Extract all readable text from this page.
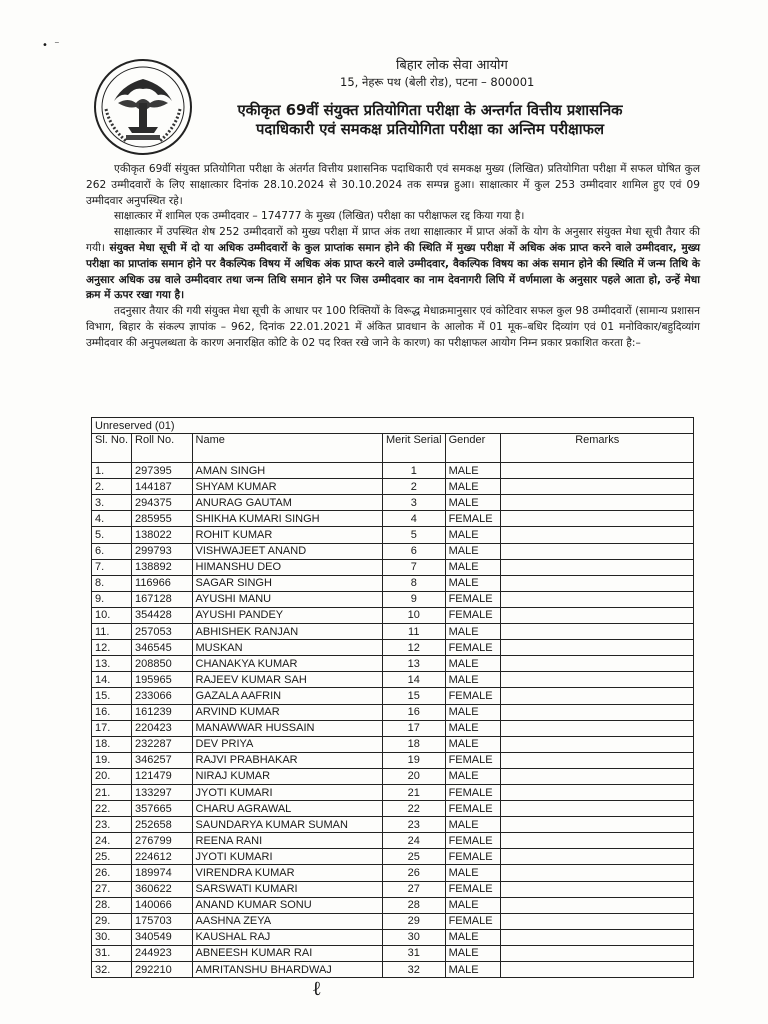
•  ⁻
बिहार लोक सेवा आयोग
15, नेहरू पथ (बेली रोड), पटना – 800001
एकीकृत 69वीं संयुक्त प्रतियोगिता परीक्षा के अन्तर्गत वित्तीय प्रशासनिक
पदाधिकारी एवं समकक्ष प्रतियोगिता परीक्षा का अन्तिम परीक्षाफल

एकीकृत 69वीं संयुक्त प्रतियोगिता परीक्षा के अंतर्गत वित्तीय प्रशासनिक पदाधिकारी एवं समकक्ष मुख्य (लिखित) प्रतियोगिता परीक्षा में सफल घोषित कुल 262 उम्मीदवारों के लिए साक्षात्कार दिनांक 28.10.2024 से 30.10.2024 तक सम्पन्न हुआ। साक्षात्कार में कुल 253 उम्मीदवार शामिल हुए एवं 09 उम्मीदवार अनुपस्थित रहे।

साक्षात्कार में शामिल एक उम्मीदवार – 174777 के मुख्य (लिखित) परीक्षा का परीक्षाफल रद्द किया गया है।

साक्षात्कार में उपस्थित शेष 252 उम्मीदवारों को मुख्य परीक्षा में प्राप्त अंक तथा साक्षात्कार में प्राप्त अंकों के योग के अनुसार संयुक्त मेधा सूची तैयार की गयी। संयुक्त मेधा सूची में दो या अधिक उम्मीदवारों के कुल प्राप्तांक समान होने की स्थिति में मुख्य परीक्षा में अधिक अंक प्राप्त करने वाले उम्मीदवार, मुख्य परीक्षा का प्राप्तांक समान होने पर वैकल्पिक विषय में अधिक अंक प्राप्त करने वाले उम्मीदवार, वैकल्पिक विषय का अंक समान होने की स्थिति में जन्म तिथि के अनुसार अधिक उम्र वाले उम्मीदवार तथा जन्म तिथि समान होने पर जिस उम्मीदवार का नाम देवनागरी लिपि में वर्णमाला के अनुसार पहले आता हो, उन्हें मेधा क्रम में ऊपर रखा गया है।

तदनुसार तैयार की गयी संयुक्त मेधा सूची के आधार पर 100 रिक्तियों के विरूद्ध मेधाक्रमानुसार एवं कोटिवार सफल कुल 98 उम्मीदवारों (सामान्य प्रशासन विभाग, बिहार के संकल्प ज्ञापांक – 962, दिनांक 22.01.2021 में अंकित प्रावधान के आलोक में 01 मूक–बधिर दिव्यांग एवं 01 मनोविकार/बहुदिव्यांग उम्मीदवार की अनुपलब्धता के कारण अनारक्षित कोटि के 02 पद रिक्त रखे जाने के कारण) का परीक्षाफल आयोग निम्न प्रकार प्रकाशित करता है:–

Unreserved (01)					
Sl. No.	Roll No.	Name	Merit Serial	Gender	Remarks
1.	297395	AMAN SINGH	1	MALE	
2.	144187	SHYAM KUMAR	2	MALE	
3.	294375	ANURAG GAUTAM	3	MALE	
4.	285955	SHIKHA KUMARI SINGH	4	FEMALE	
5.	138022	ROHIT KUMAR	5	MALE	
6.	299793	VISHWAJEET ANAND	6	MALE	
7.	138892	HIMANSHU DEO	7	MALE	
8.	116966	SAGAR SINGH	8	MALE	
9.	167128	AYUSHI MANU	9	FEMALE	
10.	354428	AYUSHI PANDEY	10	FEMALE	
11.	257053	ABHISHEK RANJAN	11	MALE	
12.	346545	MUSKAN	12	FEMALE	
13.	208850	CHANAKYA KUMAR	13	MALE	
14.	195965	RAJEEV KUMAR SAH	14	MALE	
15.	233066	GAZALA AAFRIN	15	FEMALE	
16.	161239	ARVIND KUMAR	16	MALE	
17.	220423	MANAWWAR HUSSAIN	17	MALE	
18.	232287	DEV PRIYA	18	MALE	
19.	346257	RAJVI PRABHAKAR	19	FEMALE	
20.	121479	NIRAJ KUMAR	20	MALE	
21.	133297	JYOTI KUMARI	21	FEMALE	
22.	357665	CHARU AGRAWAL	22	FEMALE	
23.	252658	SAUNDARYA KUMAR SUMAN	23	MALE	
24.	276799	REENA RANI	24	FEMALE	
25.	224612	JYOTI KUMARI	25	FEMALE	
26.	189974	VIRENDRA KUMAR	26	MALE	
27.	360622	SARSWATI KUMARI	27	FEMALE	
28.	140066	ANAND KUMAR SONU	28	MALE	
29.	175703	AASHNA ZEYA	29	FEMALE	
30.	340549	KAUSHAL RAJ	30	MALE	
31.	244923	ABNEESH KUMAR RAI	31	MALE	
32.	292210	AMRITANSHU BHARDWAJ	32	MALE	
ℓ
